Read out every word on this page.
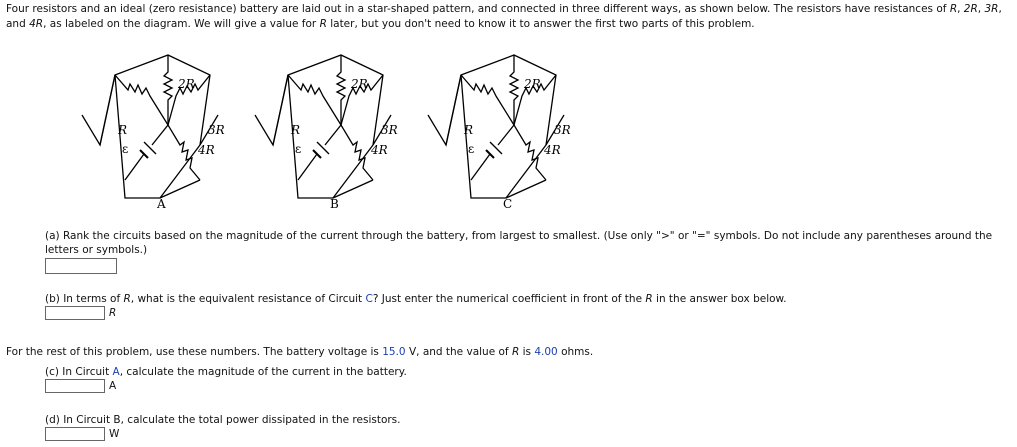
Four resistors and an ideal (zero resistance) battery are laid out in a star-shaped pattern, and connected in three different ways, as shown below. The resistors have resistances of R, 2R, 3R, and 4R, as labeled on the diagram. We will give a value for R later, but you don't need to know it to answer the first two parts of this problem.
2R
R	3R
4R
ε
A
2R
R	3R
4R
ε
B
2R
R	3R
4R
ε
C
(a) Rank the circuits based on the magnitude of the current through the battery, from largest to smallest. (Use only ">" or "=" symbols. Do not include any parentheses around the letters or symbols.)
(b) In terms of R, what is the equivalent resistance of Circuit C? Just enter the numerical coefficient in front of the R in the answer box below.
R
For the rest of this problem, use these numbers. The battery voltage is 15.0 V, and the value of R is 4.00 ohms.
(c) In Circuit A, calculate the magnitude of the current in the battery.
A
(d) In Circuit B, calculate the total power dissipated in the resistors.
W
